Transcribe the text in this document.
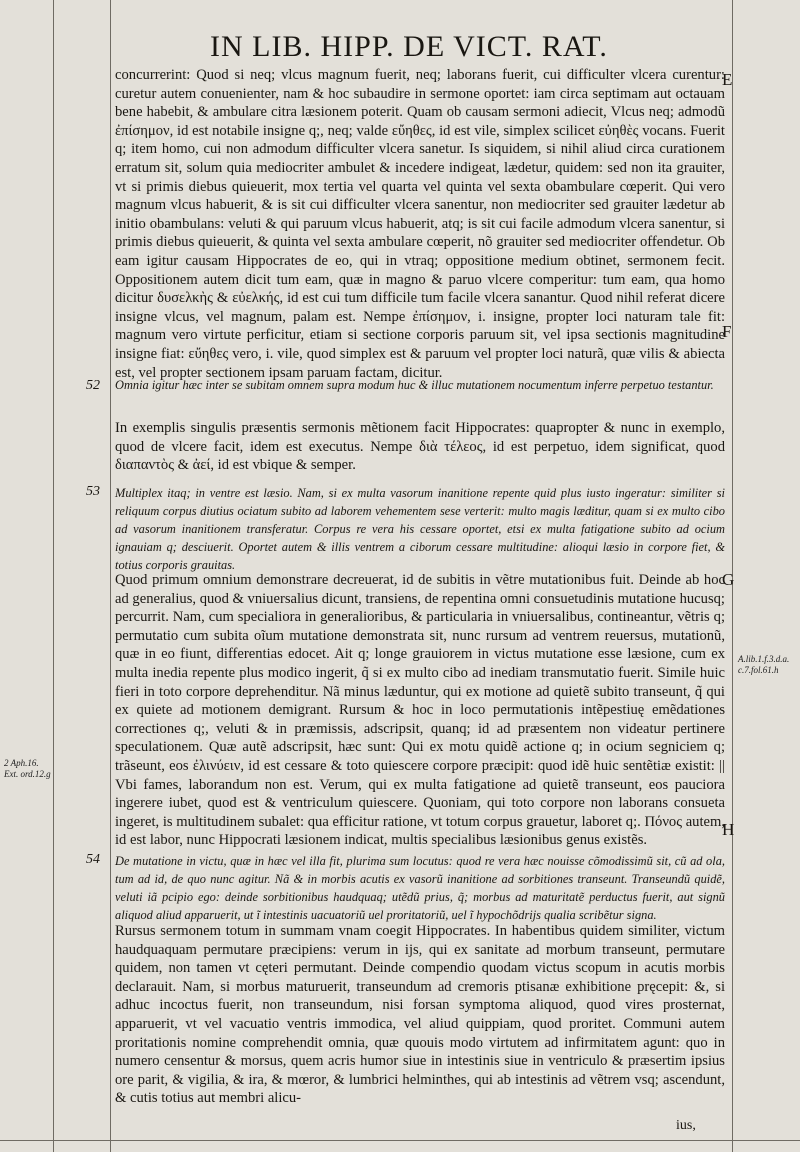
IN LIB. HIPP. DE VICT. RAT.
E
F
G
H
A.lib.1.f.3.d.a. c.7.fol.61.h
2 Aph.16. Ext. ord.12.g
52
53
54

concurrerint: Quod si neq; vlcus magnum fuerit, neq; laborans fuerit, cui difficulter vlcera curentur: curetur autem conuenienter, nam & hoc subaudire in sermone oportet: iam circa septimam aut octauam bene habebit, & ambulare citra læsionem poterit. Quam ob causam sermoni adiecit, Vlcus neq; admodũ ἐπίσημον, id est notabile insigne q;, neq; valde εὔηθες, id est vile, simplex scilicet εὐηθὲς vocans. Fuerit q; item homo, cui non admodum difficulter vlcera sanetur. Is siquidem, si nihil aliud circa curationem erratum sit, solum quia mediocriter ambulet & incedere indigeat, lædetur, quidem: sed non ita grauiter, vt si primis diebus quieuerit, mox tertia vel quarta vel quinta vel sexta obambulare cœperit. Qui vero magnum vlcus habuerit, & is sit cui difficulter vlcera sanentur, non mediocriter sed grauiter lædetur ab initio obambulans: veluti & qui paruum vlcus habuerit, atq; is sit cui facile admodum vlcera sanentur, si primis diebus quieuerit, & quinta vel sexta ambulare cœperit, nõ grauiter sed mediocriter offendetur. Ob eam igitur causam Hippocrates de eo, qui in vtraq; oppositione medium obtinet, sermonem fecit. Oppositionem autem dicit tum eam, quæ in magno & paruo vlcere comperitur: tum eam, qua homo dicitur δυσελκὴς & εὐελκής, id est cui tum difficile tum facile vlcera sanantur. Quod nihil referat dicere insigne vlcus, vel magnum, palam est. Nempe ἐπίσημον, i. insigne, propter loci naturam tale fit: magnum vero virtute perficitur, etiam si sectione corporis paruum sit, vel ipsa sectionis magnitudine insigne fiat: εὔηθες vero, i. vile, quod simplex est & paruum vel propter loci naturã, quæ vilis & abiecta est, vel propter sectionem ipsam paruam factam, dicitur.

Omnia igitur hæc inter se subitam omnem supra modum huc & illuc mutationem nocumentum inferre perpetuo testantur.

In exemplis singulis præsentis sermonis mẽtionem facit Hippocrates: quapropter & nunc in exemplo, quod de vlcere facit, idem est executus. Nempe διὰ τέλεος, id est perpetuo, idem significat, quod διαπαντὸς & ἀεί, id est vbique & semper.

Multiplex itaq; in ventre est læsio. Nam, si ex multa vasorum inanitione repente quid plus iusto ingeratur: similiter si reliquum corpus diutius ociatum subito ad laborem vehementem sese verterit: multo magis læditur, quam si ex multo cibo ad vasorum inanitionem transferatur. Corpus re vera his cessare oportet, etsi ex multa fatigatione subito ad ocium ignauiam q; desciuerit. Oportet autem & illis ventrem a ciborum cessare multitudine: alioqui læsio in corpore fiet, & totius corporis grauitas.

Quod primum omnium demonstrare decreuerat, id de subitis in vẽtre mutationibus fuit. Deinde ab hoc ad generalius, quod & vniuersalius dicunt, transiens, de repentina omni consuetudinis mutatione hucusq; percurrit. Nam, cum specialiora in generalioribus, & particularia in vniuersalibus, contineantur, vẽtris q; permutatio cum subita oĩum mutatione demonstrata sit, nunc rursum ad ventrem reuersus, mutationũ, quæ in eo fiunt, differentias edocet. Ait q; longe grauiorem in victus mutatione esse læsione, cum ex multa inedia repente plus modico ingerit, q̃ si ex multo cibo ad inediam transmutatio fuerit. Simile huic fieri in toto corpore deprehenditur. Nã minus læduntur, qui ex motione ad quietẽ subito transeunt, q̃ qui ex quiete ad motionem demigrant. Rursum & hoc in loco permutationis intẽpestiuę emẽdationes correctiones q;, veluti & in præmissis, adscripsit, quanq; id ad præsentem non videatur pertinere speculationem. Quæ autẽ adscripsit, hæc sunt: Qui ex motu quidẽ actione q; in ocium segniciem q; trãseunt, eos ἐλινύειν, id est cessare & toto quiescere corpore præcipit: quod idẽ huic sentẽtiæ existit: || Vbi fames, laborandum non est. Verum, qui ex multa fatigatione ad quietẽ transeunt, eos pauciora ingerere iubet, quod est & ventriculum quiescere. Quoniam, qui toto corpore non laborans consueta ingeret, is multitudinem subalet: qua efficitur ratione, vt totum corpus grauetur, laboret q;. Πόνος autem, id est labor, nunc Hippocrati læsionem indicat, multis specialibus læsionibus genus existẽs.

De mutatione in victu, quæ in hæc vel illa fit, plurima sum locutus: quod re vera hæc nouisse cõmodissimũ sit, cũ ad ola, tum ad id, de quo nunc agitur. Nã & in morbis acutis ex vasorũ inanitione ad sorbitiones transeunt. Transeundũ quidẽ, veluti iã pcipio ego: deinde sorbitionibus haudquaq; utẽdũ prius, q̃; morbus ad maturitatẽ perductus fuerit, aut signũ aliquod aliud apparuerit, ut ĩ intestinis uacuatoriũ uel proritatoriũ, uel ĩ hypochõdrijs qualia scribẽtur signa.

Rursus sermonem totum in summam vnam coegit Hippocrates. In habentibus quidem similiter, victum haudquaquam permutare præcipiens: verum in ijs, qui ex sanitate ad morbum transeunt, permutare quidem, non tamen vt cęteri permutant. Deinde compendio quodam victus scopum in acutis morbis declarauit. Nam, si morbus maturuerit, transeundum ad cremoris ptisanæ exhibitione pręcepit: &, si adhuc incoctus fuerit, non transeundum, nisi forsan symptoma aliquod, quod vires prosternat, apparuerit, vt vel vacuatio ventris immodica, vel aliud quippiam, quod proritet. Communi autem proritationis nomine comprehendit omnia, quæ quouis modo virtutem ad infirmitatem agunt: quo in numero censentur & morsus, quem acris humor siue in intestinis siue in ventriculo & præsertim ipsius ore parit, & vigilia, & ira, & mœror, & lumbrici helminthes, qui ab intestinis ad vẽtrem vsq; ascendunt, & cutis totius aut membri alicu-

ius,
